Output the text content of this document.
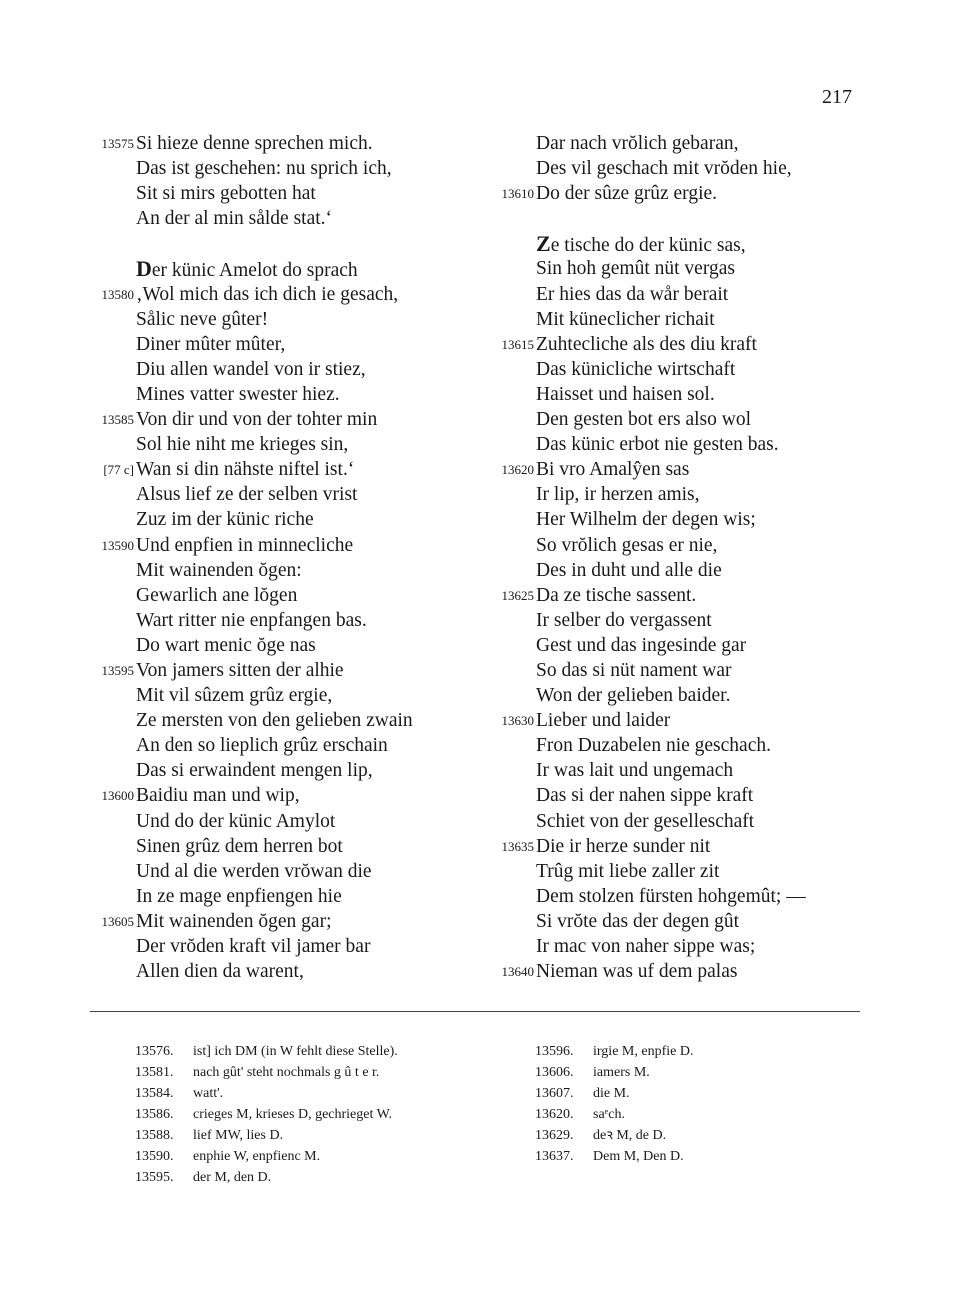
217
13575 Si hieze denne sprechen mich.
Das ist geschehen: nu sprich ich,
Sit si mirs gebotten hat
An der al min sålde stat.‘
Der künic Amelot do sprach
13580 ‚Wol mich das ich dich ie gesach,
Sålic neve gûter!
Diner mûter mûter,
Diu allen wandel von ir stiez,
Mines vatter swester hiez.
13585 Von dir und von der tohter min
Sol hie niht me krieges sin,
[77 c] Wan si din nähste niftel ist.‘
Alsus lief ze der selben vrist
Zuz im der künic riche
13590 Und enpfien in minnecliche
Mit wainenden ŏgen:
Gewarlich ane lŏgen
Wart ritter nie enpfangen bas.
Do wart menic ŏge nas
13595 Von jamers sitten der alhie
Mit vil sûzem grûz ergie,
Ze mersten von den gelieben zwain
An den so lieplich grûz erschain
Das si erwaindent mengen lip,
13600 Baidiu man und wip,
Und do der künic Amylot
Sinen grûz dem herren bot
Und al die werden vrŏwan die
In ze mage enpfiengen hie
13605 Mit wainenden ŏgen gar;
Der vrŏden kraft vil jamer bar
Allen dien da warent,
Dar nach vrŏlich gebaran,
Des vil geschach mit vrŏden hie,
13610 Do der sûze grûz ergie.
Ze tische do der künic sas,
Sin hoh gemût nüt vergas
Er hies das da wår berait
Mit küneclicher richait
13615 Zuhtecliche als des diu kraft
Das künicliche wirtschaft
Haisset und haisen sol.
Den gesten bot ers also wol
Das künic erbot nie gesten bas.
13620 Bi vro Amalŷen sas
Ir lip, ir herzen amis,
Her Wilhelm der degen wis;
So vrŏlich gesas er nie,
Des in duht und alle die
13625 Da ze tische sassent.
Ir selber do vergassent
Gest und das ingesinde gar
So das si nüt nament war
Won der gelieben baider.
13630 Lieber und laider
Fron Duzabelen nie geschach.
Ir was lait und ungemach
Das si der nahen sippe kraft
Schiet von der geselleschaft
13635 Die ir herze sunder nit
Trûg mit liebe zaller zit
Dem stolzen fürsten hohgemût; —
Si vrŏte das der degen gût
Ir mac von naher sippe was;
13640 Nieman was uf dem palas
13576. ist] ich DM (in W fehlt diese Stelle).
13581. nach gût' steht nochmals g û t e r.
13584. watt'.
13586. crieges M, krieses D, gechrieget W.
13588. lief MW, lies D.
13590. enphie W, enpfienc M.
13595. der M, den D.
13596. irgie M, enpfie D.
13606. iamers M.
13607. die M.
13620. saᵉch.
13629. deꝛ M, de D.
13637. Dem M, Den D.
